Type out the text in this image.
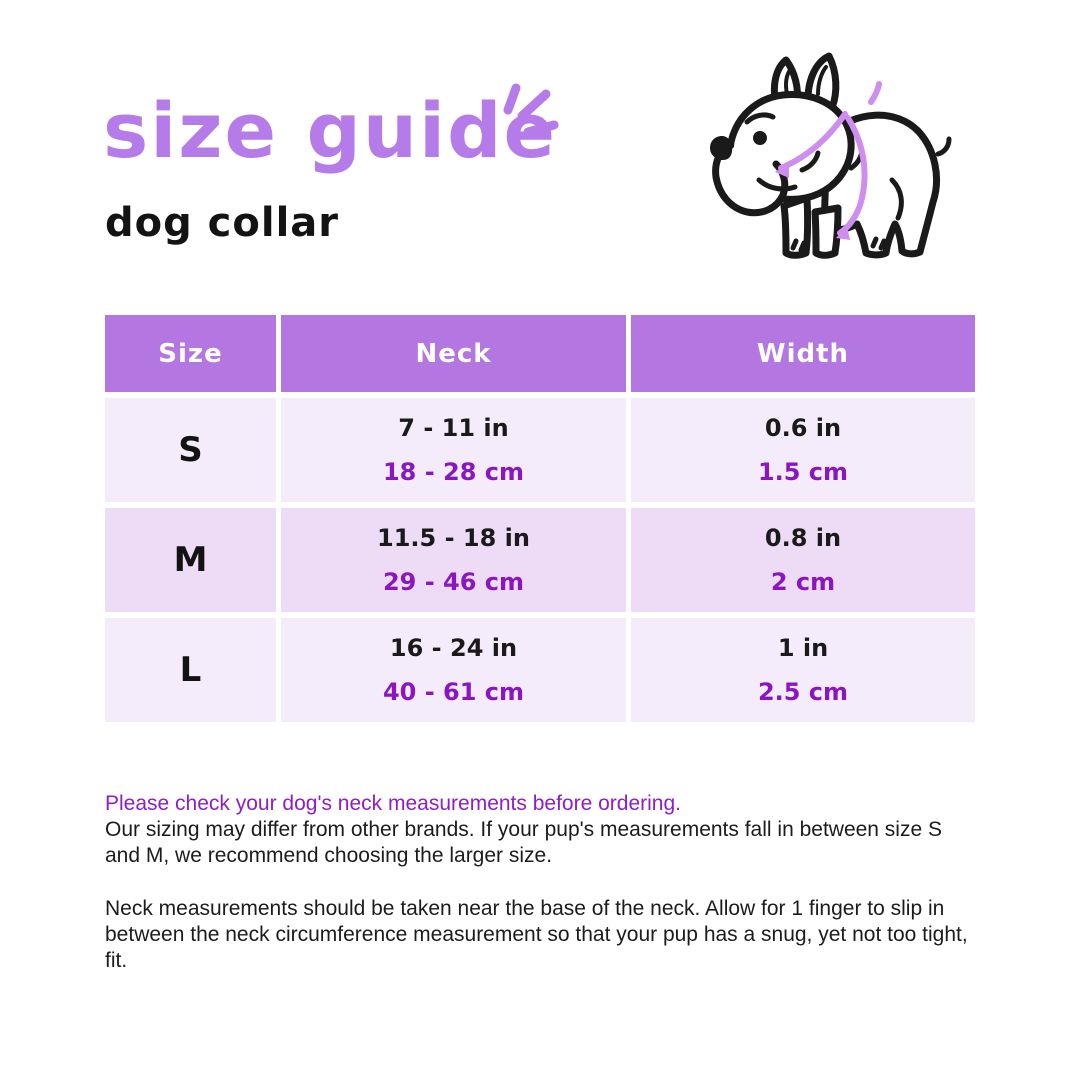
size guide
dog collar
Size	Neck	Width
S
7 - 11 in
18 - 28 cm
0.6 in
1.5 cm
M
11.5 - 18 in
29 - 46 cm
0.8 in
2 cm
L
16 - 24 in
40 - 61 cm
1 in
2.5 cm
Please check your dog's neck measurements before ordering.
Our sizing may differ from other brands. If your pup's measurements fall in between size S and M, we recommend choosing the larger size.
Neck measurements should be taken near the base of the neck. Allow for 1 finger to slip in between the neck circumference measurement so that your pup has a snug, yet not too tight, fit.
